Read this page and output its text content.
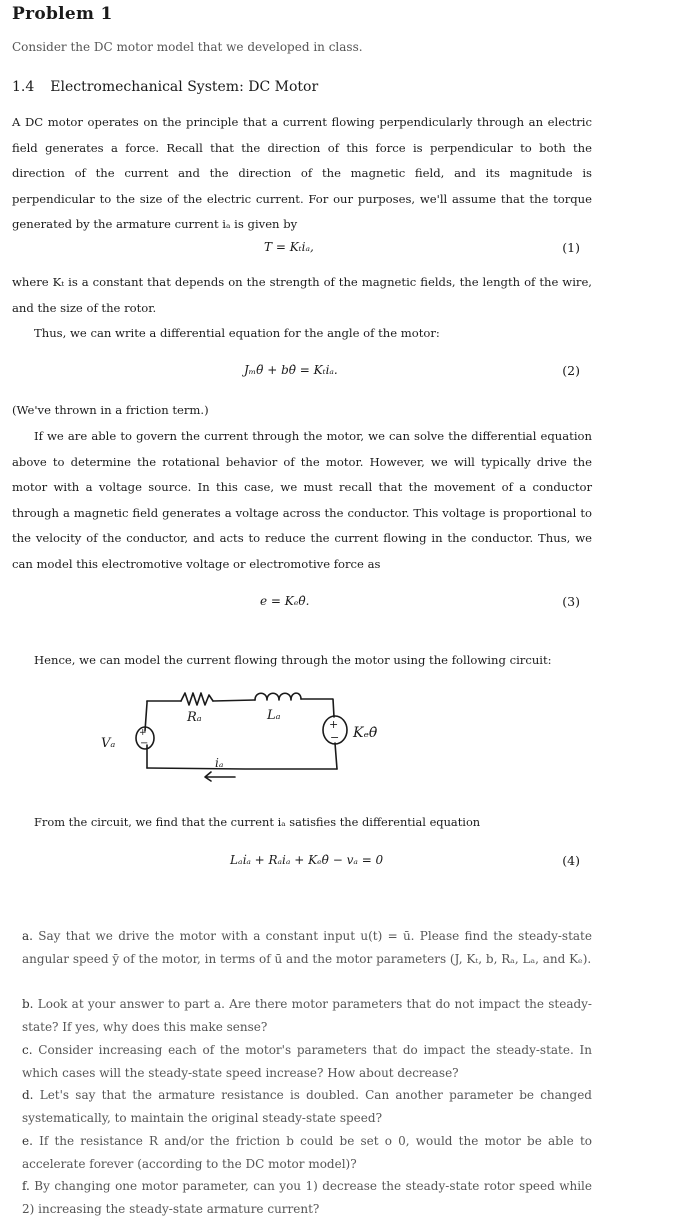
Problem 1
Consider the DC motor model that we developed in class.
1.4 Electromechanical System: DC Motor
A DC motor operates on the principle that a current flowing perpendicularly through an electric field generates a force. Recall that the direction of this force is perpendicular to both the direction of the current and the direction of the magnetic field, and its magnitude is perpendicular to the size of the electric current. For our purposes, we'll assume that the torque generated by the armature current iₐ is given by
T = Kₜiₐ,	(1)
where Kₜ is a constant that depends on the strength of the magnetic fields, the length of the wire, and the size of the rotor.
Thus, we can write a differential equation for the angle of the motor:
Jₘθ̈ + bθ̇ = Kₜiₐ.	(2)
(We've thrown in a friction term.)
If we are able to govern the current through the motor, we can solve the differential equation above to determine the rotational behavior of the motor. However, we will typically drive the motor with a voltage source. In this case, we must recall that the movement of a conductor through a magnetic field generates a voltage across the conductor. This voltage is proportional to the velocity of the conductor, and acts to reduce the current flowing in the conductor. Thus, we can model this electromotive voltage or electromotive force as
e = Kₑθ̇.	(3)
Hence, we can model the current flowing through the motor using the following circuit:
+
−
+
−
Vₐ
Rₐ	Lₐ
iₐ
Kₑθ̇
From the circuit, we find that the current iₐ satisfies the differential equation
Lₐi̇ₐ + Rₐiₐ + Kₑθ̇ − vₐ = 0	(4)
a. Say that we drive the motor with a constant input u(t) = ū. Please find the steady-state angular speed ȳ of the motor, in terms of ū and the motor parameters (J, Kₜ, b, Rₐ, Lₐ, and Kₑ).
b. Look at your answer to part a. Are there motor parameters that do not impact the steady-state? If yes, why does this make sense?
c. Consider increasing each of the motor's parameters that do impact the steady-state. In which cases will the steady-state speed increase? How about decrease?
d. Let's say that the armature resistance is doubled. Can another parameter be changed systematically, to maintain the original steady-state speed?
e. If the resistance R and/or the friction b could be set o 0, would the motor be able to accelerate forever (according to the DC motor model)?
f. By changing one motor parameter, can you 1) decrease the steady-state rotor speed while 2) increasing the steady-state armature current?
